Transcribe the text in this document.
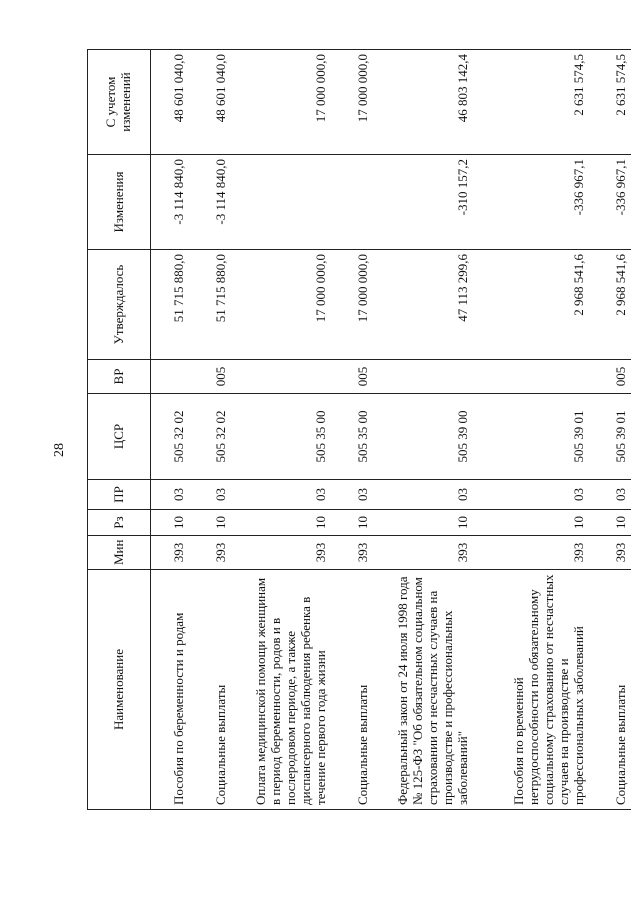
28
Наименование	Мин	Рз	ПР	ЦСР	ВР	Утверждалось	Изменения	С учетом изменений
Пособия по беременности и родам	393	10	03	505 32 02		51 715 880,0	-3 114 840,0	48 601 040,0
Социальные выплаты	393	10	03	505 32 02	005	51 715 880,0	-3 114 840,0	48 601 040,0
Оплата медицинской помощи женщинам в период беременности, родов и в послеродовом периоде, а также диспансерного наблюдения ребенка в течение первого года жизни	393	10	03	505 35 00		17 000 000,0		17 000 000,0
Социальные выплаты	393	10	03	505 35 00	005	17 000 000,0		17 000 000,0
Федеральный закон от 24 июля 1998 года № 125-ФЗ "Об обязательном социальном страховании от несчастных случаев на производстве и профессиональных заболеваний"	393	10	03	505 39 00		47 113 299,6	-310 157,2	46 803 142,4
Пособия по временной нетрудоспособности по обязательному социальному страхованию от несчастных случаев на производстве и профессиональных заболеваний	393	10	03	505 39 01		2 968 541,6	-336 967,1	2 631 574,5
Социальные выплаты	393	10	03	505 39 01	005	2 968 541,6	-336 967,1	2 631 574,5
